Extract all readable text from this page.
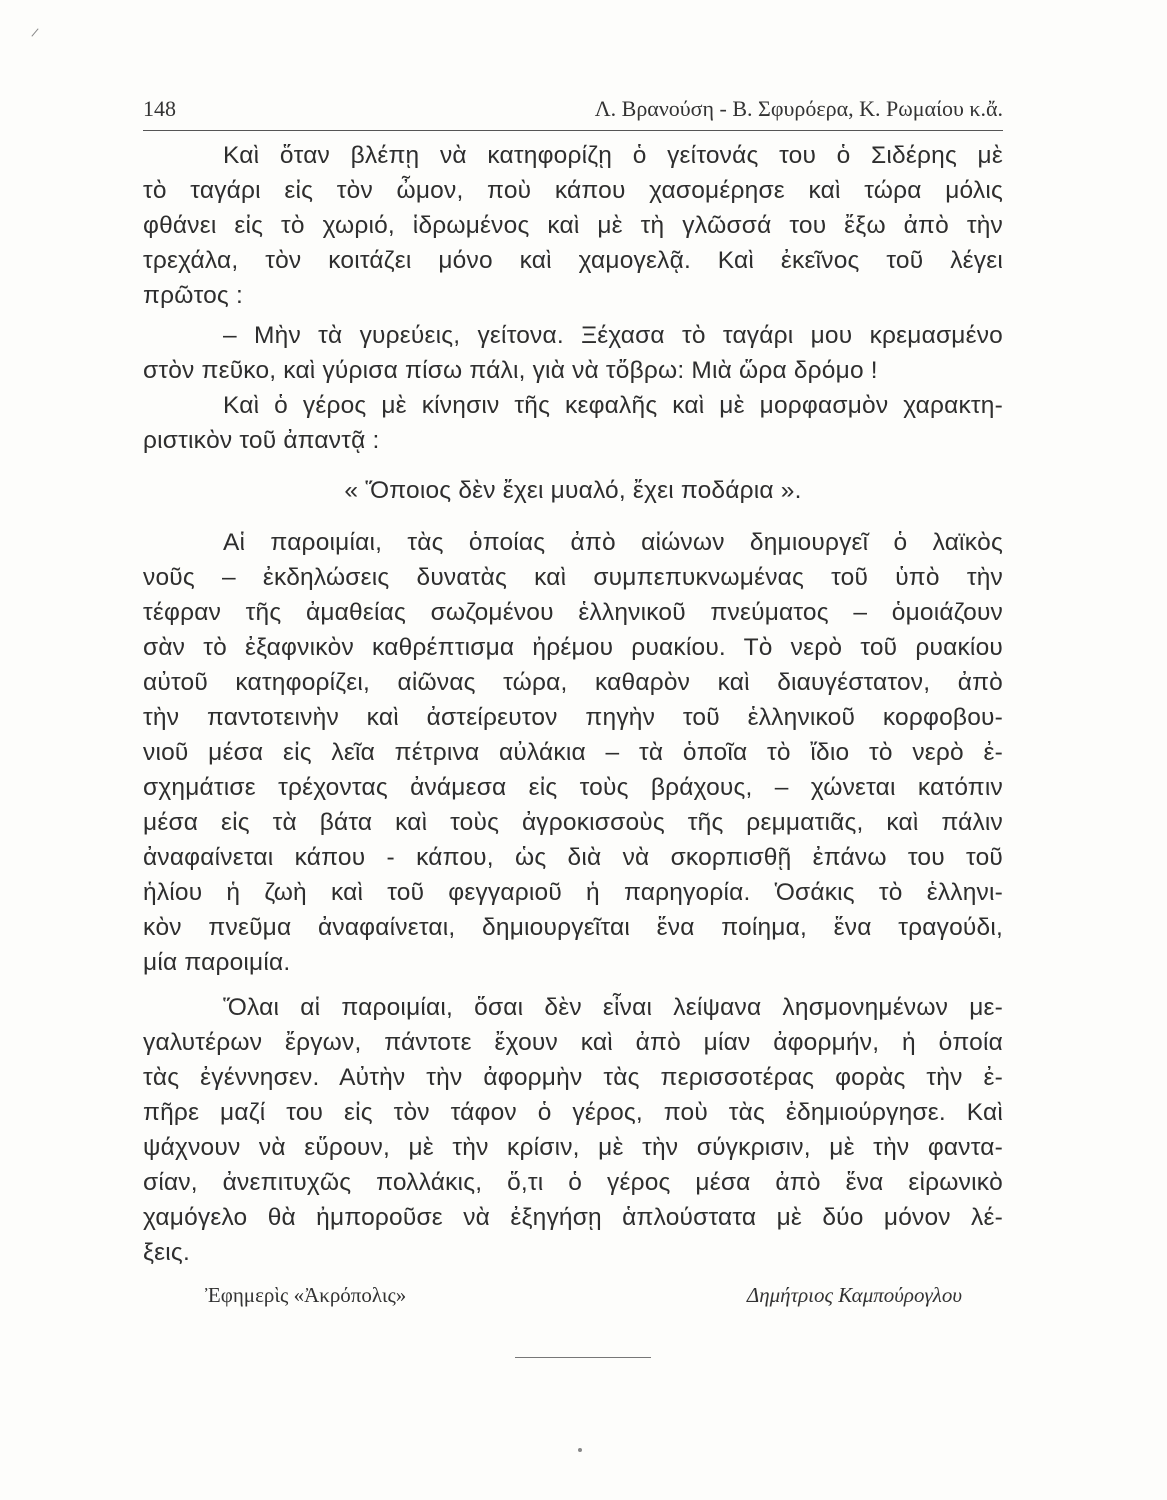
148	Λ. Βρανούση - Β. Σφυρόερα, Κ. Ρωμαίου κ.ἄ.
Καὶ ὅταν βλέπῃ νὰ κατηφορίζῃ ὁ γείτονάς του ὁ Σιδέρης μὲ
τὸ ταγάρι εἰς τὸν ὦμον, ποὺ κάπου χασομέρησε καὶ τώρα μόλις
φθάνει εἰς τὸ χωριό, ἱδρωμένος καὶ μὲ τὴ γλῶσσά του ἔξω ἀπὸ τὴν
τρεχάλα, τὸν κοιτάζει μόνο καὶ χαμογελᾷ. Καὶ ἐκεῖνος τοῦ λέγει
πρῶτος :
– Μὴν τὰ γυρεύεις, γείτονα. Ξέχασα τὸ ταγάρι μου κρεμασμένο
στὸν πεῦκο, καὶ γύρισα πίσω πάλι, γιὰ νὰ τὄβρω: Μιὰ ὥρα δρόμο !
Καὶ ὁ γέρος μὲ κίνησιν τῆς κεφαλῆς καὶ μὲ μορφασμὸν χαρακτη-
ριστικὸν τοῦ ἀπαντᾷ :
« Ὅποιος δὲν ἔχει μυαλό, ἔχει ποδάρια ».
Αἱ παροιμίαι, τὰς ὁποίας ἀπὸ αἰώνων δημιουργεῖ ὁ λαϊκὸς
νοῦς – ἐκδηλώσεις δυνατὰς καὶ συμπεπυκνωμένας τοῦ ὑπὸ τὴν
τέφραν τῆς ἀμαθείας σωζομένου ἑλληνικοῦ πνεύματος – ὁμοιάζουν
σὰν τὸ ἐξαφνικὸν καθρέπτισμα ἠρέμου ρυακίου. Τὸ νερὸ τοῦ ρυακίου
αὐτοῦ κατηφορίζει, αἰῶνας τώρα, καθαρὸν καὶ διαυγέστατον, ἀπὸ
τὴν παντοτεινὴν καὶ ἀστείρευτον πηγὴν τοῦ ἑλληνικοῦ κορφοβου-
νιοῦ μέσα εἰς λεῖα πέτρινα αὐλάκια – τὰ ὁποῖα τὸ ἴδιο τὸ νερὸ ἐ-
σχημάτισε τρέχοντας ἀνάμεσα εἰς τοὺς βράχους, – χώνεται κατόπιν
μέσα εἰς τὰ βάτα καὶ τοὺς ἀγροκισσοὺς τῆς ρεμματιᾶς, καὶ πάλιν
ἀναφαίνεται κάπου - κάπου, ὡς διὰ νὰ σκορπισθῇ ἐπάνω του τοῦ
ἡλίου ἡ ζωὴ καὶ τοῦ φεγγαριοῦ ἡ παρηγορία. Ὁσάκις τὸ ἑλληνι-
κὸν πνεῦμα ἀναφαίνεται, δημιουργεῖται ἕνα ποίημα, ἕνα τραγούδι,
μία παροιμία.
Ὅλαι αἱ παροιμίαι, ὅσαι δὲν εἶναι λείψανα λησμονημένων με-
γαλυτέρων ἔργων, πάντοτε ἔχουν καὶ ἀπὸ μίαν ἀφορμήν, ἡ ὁποία
τὰς ἐγέννησεν. Αὐτὴν τὴν ἀφορμὴν τὰς περισσοτέρας φορὰς τὴν ἐ-
πῆρε μαζί του εἰς τὸν τάφον ὁ γέρος, ποὺ τὰς ἐδημιούργησε. Καὶ
ψάχνουν νὰ εὕρουν, μὲ τὴν κρίσιν, μὲ τὴν σύγκρισιν, μὲ τὴν φαντα-
σίαν, ἀνεπιτυχῶς πολλάκις, ὅ,τι ὁ γέρος μέσα ἀπὸ ἕνα εἰρωνικὸ
χαμόγελο θὰ ἠμποροῦσε νὰ ἐξηγήσῃ ἁπλούστατα μὲ δύο μόνον λέ-
ξεις.
Ἐφημερὶς «Ἀκρόπολις»	Δημήτριος Καμπούρογλου
